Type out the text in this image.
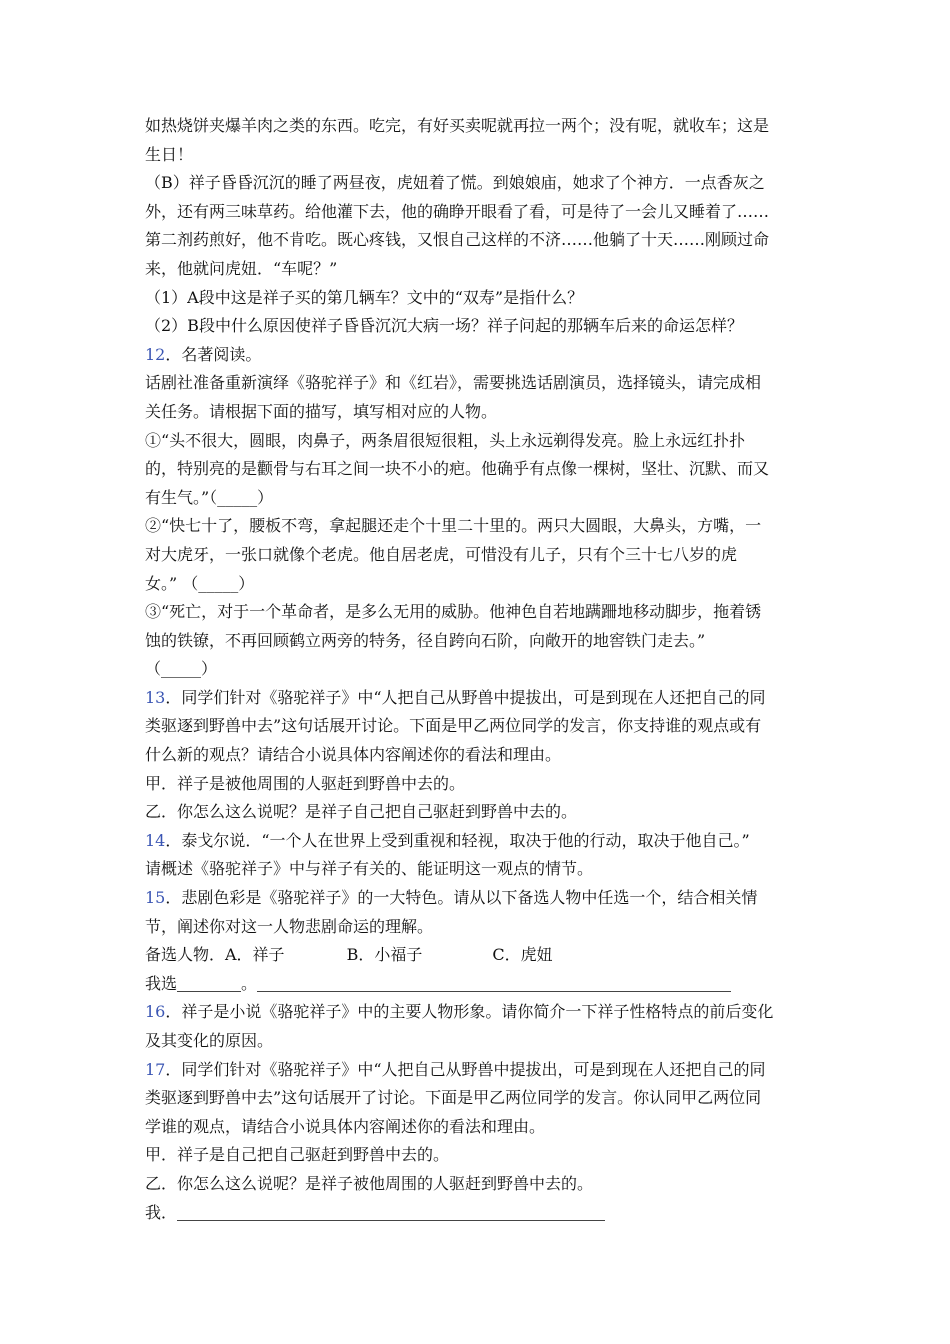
如热烧饼夹爆羊肉之类的东西。吃完，有好买卖呢就再拉一两个；没有呢，就收车；这是
生日！
（B）祥子昏昏沉沉的睡了两昼夜，虎妞着了慌。到娘娘庙，她求了个神方．一点香灰之
外，还有两三味草药。给他灌下去，他的确睁开眼看了看，可是待了一会儿又睡着了……
第二剂药煎好，他不肯吃。既心疼钱，又恨自己这样的不济……他躺了十天……刚顾过命
来，他就问虎妞．“车呢？”
（1）A段中这是祥子买的第几辆车？文中的“双寿”是指什么？
（2）B段中什么原因使祥子昏昏沉沉大病一场？祥子问起的那辆车后来的命运怎样？
12．名著阅读。
话剧社准备重新演绎《骆驼祥子》和《红岩》，需要挑选话剧演员，选择镜头，请完成相
关任务。请根据下面的描写，填写相对应的人物。
①“头不很大，圆眼，肉鼻子，两条眉很短很粗，头上永远剃得发亮。脸上永远红扑扑
的，特别亮的是颧骨与右耳之间一块不小的疤。他确乎有点像一棵树，坚壮、沉默、而又
有生气。”（_____）
②“快七十了，腰板不弯，拿起腿还走个十里二十里的。两只大圆眼，大鼻头，方嘴，一
对大虎牙，一张口就像个老虎。他自居老虎，可惜没有儿子，只有个三十七八岁的虎
女。” （_____）
③“死亡，对于一个革命者，是多么无用的威胁。他神色自若地蹒跚地移动脚步，拖着锈
蚀的铁镣，不再回顾鹤立两旁的特务，径自跨向石阶，向敞开的地窖铁门走去。”
（_____）
13．同学们针对《骆驼祥子》中“人把自己从野兽中提拔出，可是到现在人还把自己的同
类驱逐到野兽中去”这句话展开讨论。下面是甲乙两位同学的发言，你支持谁的观点或有
什么新的观点？请结合小说具体内容阐述你的看法和理由。
甲．祥子是被他周围的人驱赶到野兽中去的。
乙．你怎么这么说呢？是祥子自己把自己驱赶到野兽中去的。
14．泰戈尔说．“一个人在世界上受到重视和轻视，取决于他的行动，取决于他自己。”
请概述《骆驼祥子》中与祥子有关的、能证明这一观点的情节。
15．悲剧色彩是《骆驼祥子》的一大特色。请从以下备选人物中任选一个，结合相关情
节，阐述你对这一人物悲剧命运的理解。
备选人物．A．祥子	B．小福子	C．虎妞
我选	。
16．祥子是小说《骆驼祥子》中的主要人物形象。请你简介一下祥子性格特点的前后变化
及其变化的原因。
17．同学们针对《骆驼祥子》中“人把自己从野兽中提拔出，可是到现在人还把自己的同
类驱逐到野兽中去”这句话展开了讨论。下面是甲乙两位同学的发言。你认同甲乙两位同
学谁的观点，请结合小说具体内容阐述你的看法和理由。
甲．祥子是自己把自己驱赶到野兽中去的。
乙．你怎么这么说呢？是祥子被他周围的人驱赶到野兽中去的。
我．
